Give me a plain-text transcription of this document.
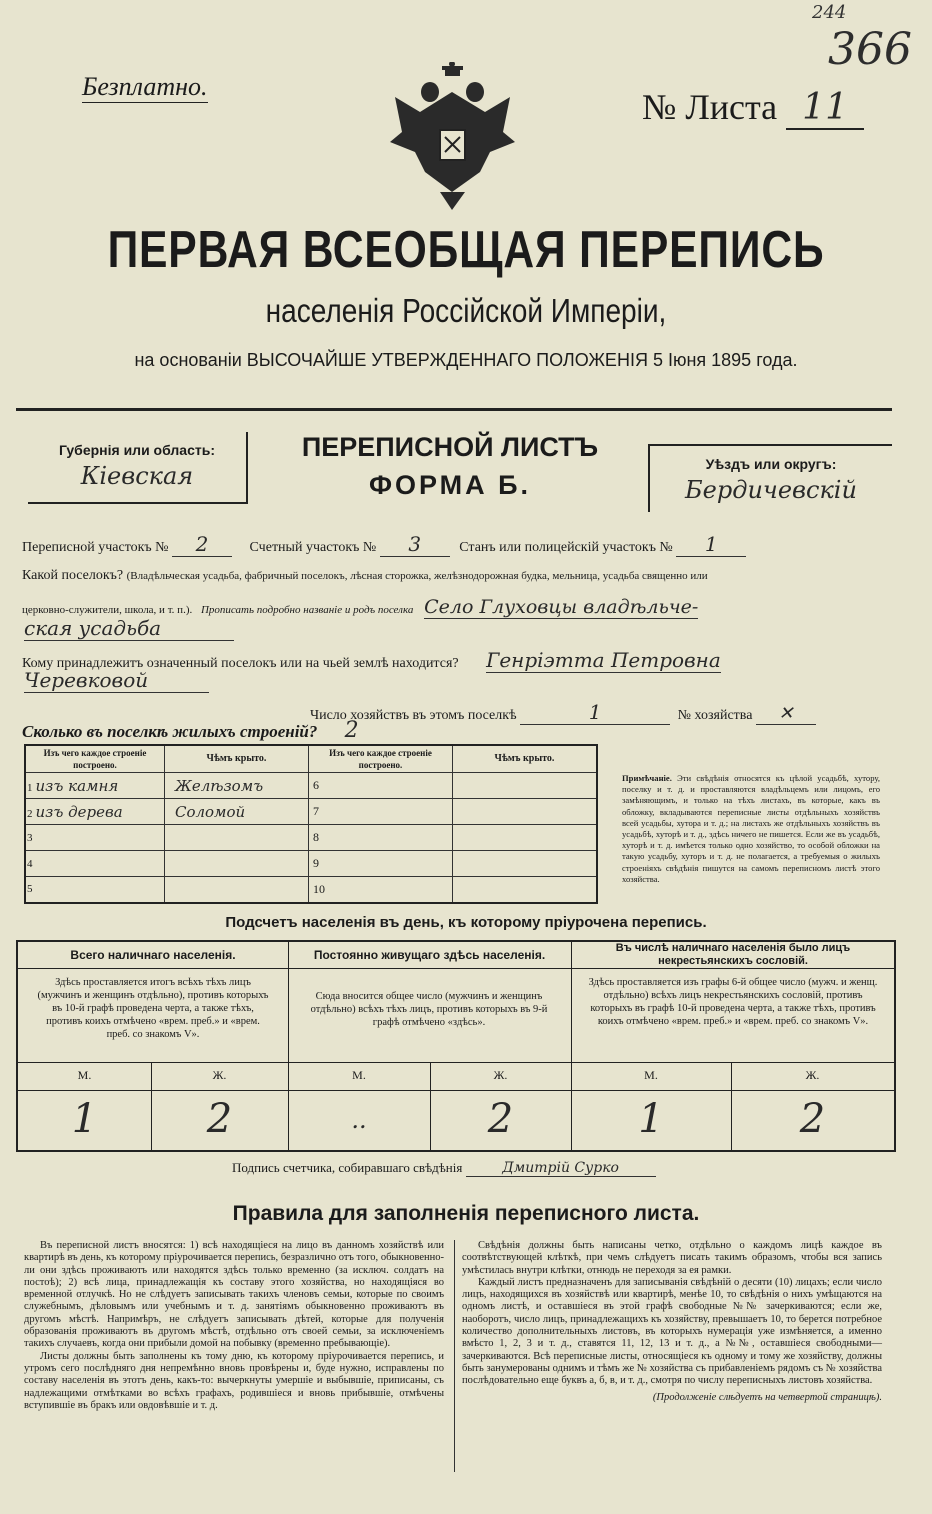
244
366
Безплатно.
№ Листа 11
ПЕРВАЯ ВСЕОБЩАЯ ПЕРЕПИСЬ
населенія Россійской Имперіи,
на основаніи ВЫСОЧАЙШЕ УТВЕРЖДЕННАГО ПОЛОЖЕНІЯ 5 Іюня 1895 года.
Губернія или область:
Кіевская
ПЕРЕПИСНОЙ ЛИСТЪ
ФОРМА Б.
Уѣздъ или округъ:
Бердичевскій
Переписной участокъ № 2	Счетный участокъ № 3	Станъ или полицейскій участокъ № 1
Какой поселокъ? (Владѣльческая усадьба, фабричный поселокъ, лѣсная сторожка, желѣзнодорожная будка, мельница, усадьба священно или
церковно-служители, школа, и т. п.). Прописать подробно названіе и родъ поселка Село Глуховцы владѣльче-
ская усадьба
Кому принадлежитъ означенный поселокъ или на чьей землѣ находится? Генріэтта Петровна
Черевковой
Число хозяйствъ въ этомъ поселкѣ	1	№ хозяйства ✕
Сколько въ поселкѣ жилыхъ строеній? 2
Изъ чего каждое строеніе построено.	Чѣмъ крыто.	Изъ чего каждое строеніе построено.	Чѣмъ крыто.
1 изъ камня	Желѣзомъ	6	
2 изъ дерева	Соломой	7	
3		8	
4		9	
5		10	
Примѣчаніе. Эти свѣдѣнія относятся къ цѣлой усадьбѣ, хутору, поселку и т. д. и проставляются владѣльцемъ или лицомъ, его замѣняющимъ, и только на тѣхъ листахъ, въ которые, какъ въ обложку, вкладываются переписные листы отдѣльныхъ хозяйствъ всей усадьбы, хутора и т. д.; на листахъ же отдѣльныхъ хозяйствъ въ усадьбѣ, хуторѣ и т. д., здѣсь ничего не пишется. Если же въ усадьбѣ, хуторѣ и т. д. имѣется только одно хозяйство, то особой обложки на такую усадьбу, хуторъ и т. д. не полагается, а требуемыя о жилыхъ строеніяхъ свѣдѣнія пишутся на самомъ переписномъ листѣ этого хозяйства.
Подсчетъ населенія въ день, къ которому пріурочена перепись.
Всего наличнаго населенія.	Постоянно живущаго здѣсь населенія.	Въ числѣ наличнаго населенія было лицъ некрестьянскихъ сословій.
Здѣсь проставляется итогъ всѣхъ тѣхъ лицъ (мужчинъ и женщинъ отдѣльно), противъ которыхъ въ 10-й графѣ проведена черта, а также тѣхъ, противъ коихъ отмѣчено «врем. преб.» и «врем. преб. со знакомъ V».
Сюда вносится общее число (мужчинъ и женщинъ отдѣльно) всѣхъ тѣхъ лицъ, противъ которыхъ въ 9-й графѣ отмѣчено «здѣсь».
Здѣсь проставляется изъ графы 6-й общее число (мужч. и женщ. отдѣльно) всѣхъ лицъ некрестьянскихъ сословій, противъ которыхъ въ графѣ 10-й проведена черта, а также тѣхъ, противъ коихъ отмѣчено «врем. преб.» и «врем. преб. со знакомъ V».
М.	Ж.	М.	Ж.	М.	Ж.
1	2	..	2	1	2
Подпись счетчика, собиравшаго свѣдѣнія	Дмитрій Сурко
Правила для заполненія переписного листа.
Въ переписной листъ вносятся: 1) всѣ находящіеся на лицо въ данномъ хозяйствѣ или квартирѣ въ день, къ которому пріурочивается перепись, безразлично отъ того, обыкновенно-ли они здѣсь проживаютъ или находятся здѣсь только временно (за исключ. солдатъ на постоѣ); 2) всѣ лица, принадлежащія къ составу этого хозяйства, но находящіяся во временной отлучкѣ. Но не слѣдуетъ записывать такихъ членовъ семьи, которые по своимъ служебнымъ, дѣловымъ или учебнымъ и т. д. занятіямъ обыкновенно проживаютъ въ другомъ мѣстѣ. Напримѣръ, не слѣдуетъ записывать дѣтей, которые для полученія образованія проживаютъ въ другомъ мѣстѣ, отдѣльно отъ своей семьи, за исключеніемъ такихъ случаевъ, когда они прибыли домой на побывку (временно пребывающіе).
Листы должны быть заполнены къ тому дню, къ которому пріурочивается перепись, и утромъ сего послѣдняго дня непремѣнно вновь провѣрены и, буде нужно, исправлены по составу населенія въ этотъ день, какъ-то: вычеркнуты умершіе и выбывшіе, приписаны, съ надлежащими отмѣтками во всѣхъ графахъ, родившіеся и вновь прибывшіе, отмѣчены вступившіе въ бракъ или овдовѣвшіе и т. д.
Свѣдѣнія должны быть написаны четко, отдѣльно о каждомъ лицѣ каждое въ соотвѣтствующей клѣткѣ, при чемъ слѣдуетъ писать такимъ образомъ, чтобы вся запись умѣстилась внутри клѣтки, отнюдь не переходя за ея рамки.
Каждый листъ предназначенъ для записыванія свѣдѣній о десяти (10) лицахъ; если число лицъ, находящихся въ хозяйствѣ или квартирѣ, менѣе 10, то свѣдѣнія о нихъ умѣщаются на одномъ листѣ, и оставшіеся въ этой графѣ свободные №№ зачеркиваются; если же, наоборотъ, число лицъ, принадлежащихъ къ хозяйству, превышаетъ 10, то берется потребное количество дополнительныхъ листовъ, въ которыхъ нумерація уже измѣняется, а именно вмѣсто 1, 2, 3 и т. д., ставятся 11, 12, 13 и т. д., а №№, оставшіеся свободными—зачеркиваются. Всѣ переписные листы, относящіеся къ одному и тому же хозяйству, должны быть занумерованы однимъ и тѣмъ же № хозяйства съ прибавленіемъ рядомъ съ № хозяйства послѣдовательно еще буквъ а, б, в, и т. д., смотря по числу переписныхъ листовъ хозяйства.
(Продолженіе слѣдуетъ на четвертой страницѣ).
